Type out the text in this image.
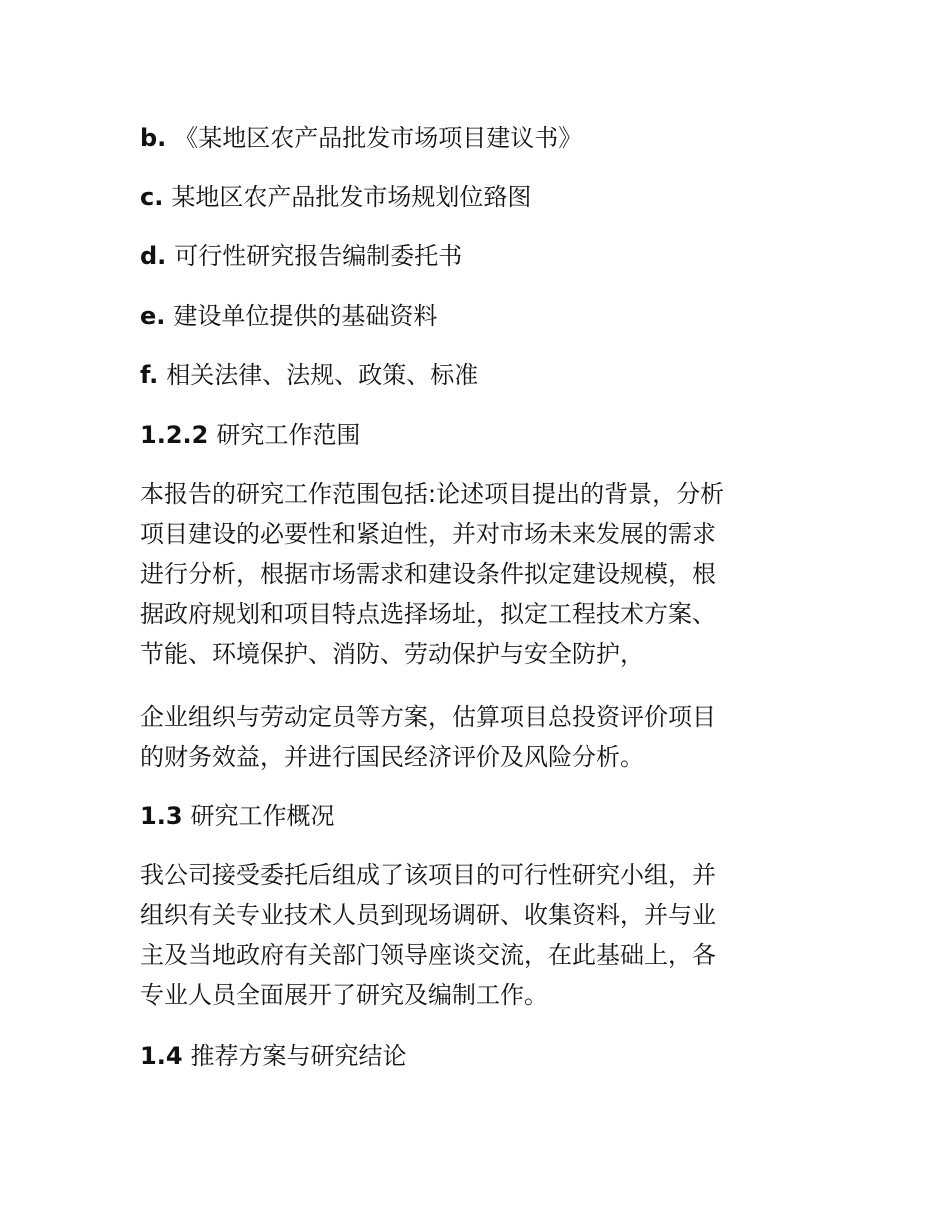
b. 《某地区农产品批发市场项目建议书》
c. 某地区农产品批发市场规划位臵图
d. 可行性研究报告编制委托书
e. 建设单位提供的基础资料
f. 相关法律、法规、政策、标准
1.2.2 研究工作范围
本报告的研究工作范围包括:论述项目提出的背景，分析
项目建设的必要性和紧迫性，并对市场未来发展的需求
进行分析，根据市场需求和建设条件拟定建设规模，根
据政府规划和项目特点选择场址，拟定工程技术方案、
节能、环境保护、消防、劳动保护与安全防护，
企业组织与劳动定员等方案，估算项目总投资评价项目
的财务效益，并进行国民经济评价及风险分析。
1.3 研究工作概况
我公司接受委托后组成了该项目的可行性研究小组，并
组织有关专业技术人员到现场调研、收集资料，并与业
主及当地政府有关部门领导座谈交流，在此基础上，各
专业人员全面展开了研究及编制工作。
1.4 推荐方案与研究结论
